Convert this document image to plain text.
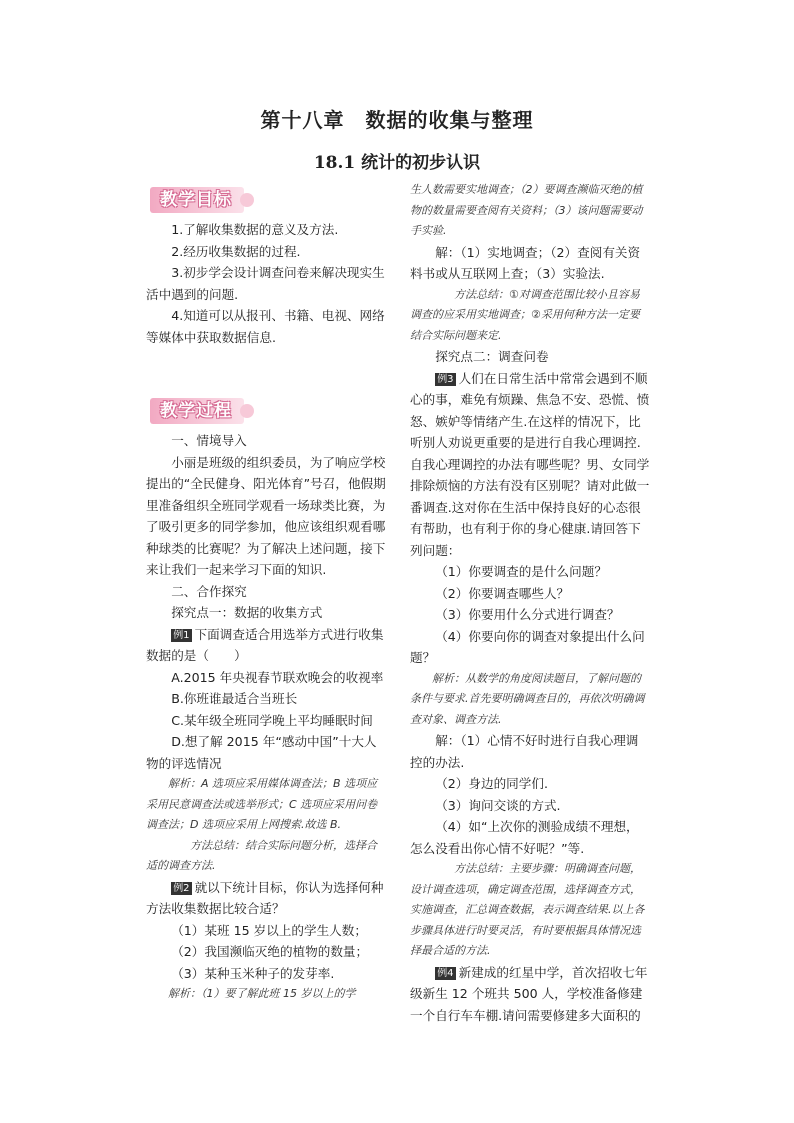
第十八章　数据的收集与整理
18.1 统计的初步认识
教学目标

1.了解收集数据的意义及方法.

2.经历收集数据的过程.

3.初步学会设计调查问卷来解决现实生活中遇到的问题.

4.知道可以从报刊、书籍、电视、网络等媒体中获取数据信息.

教学过程

一、情境导入

小丽是班级的组织委员，为了响应学校提出的“全民健身、阳光体育”号召，他假期里准备组织全班同学观看一场球类比赛，为了吸引更多的同学参加，他应该组织观看哪种球类的比赛呢？为了解决上述问题，接下来让我们一起来学习下面的知识.

二、合作探究

探究点一：数据的收集方式

例1 下面调查适合用选举方式进行收集数据的是（　　）

A.2015 年央视春节联欢晚会的收视率

B.你班谁最适合当班长

C.某年级全班同学晚上平均睡眠时间

D.想了解 2015 年“感动中国”十大人物的评选情况

解析：A 选项应采用媒体调查法；B 选项应采用民意调查法或选举形式；C 选项应采用问卷调查法；D 选项应采用上网搜索.故选 B.

方法总结：结合实际问题分析，选择合适的调查方法.

例2 就以下统计目标，你认为选择何种方法收集数据比较合适？

（1）某班 15 岁以上的学生人数；

（2）我国濒临灭绝的植物的数量；

（3）某种玉米种子的发芽率.

解析：（1）要了解此班 15 岁以上的学

生人数需要实地调查；（2）要调查濒临灭绝的植物的数量需要查阅有关资料；（3）该问题需要动手实验.

解：（1）实地调查；（2）查阅有关资料书或从互联网上查；（3）实验法.

方法总结：①对调查范围比较小且容易调查的应采用实地调查；②采用何种方法一定要结合实际问题来定.

探究点二：调查问卷

例3 人们在日常生活中常常会遇到不顺心的事，难免有烦躁、焦急不安、恐慌、愤怒、嫉妒等情绪产生.在这样的情况下，比听别人劝说更重要的是进行自我心理调控.自我心理调控的办法有哪些呢？男、女同学排除烦恼的方法有没有区别呢？请对此做一番调查.这对你在生活中保持良好的心态很有帮助，也有利于你的身心健康.请回答下列问题：

（1）你要调查的是什么问题？

（2）你要调查哪些人？

（3）你要用什么分式进行调查？

（4）你要向你的调查对象提出什么问题？

解析：从数学的角度阅读题目，了解问题的条件与要求.首先要明确调查目的，再依次明确调查对象、调查方法.

解：（1）心情不好时进行自我心理调控的办法.

（2）身边的同学们.

（3）询问交谈的方式.

（4）如“上次你的测验成绩不理想，怎么没看出你心情不好呢？”等.

方法总结：主要步骤：明确调查问题，设计调查选项，确定调查范围，选择调查方式，实施调查，汇总调查数据，表示调查结果.以上各步骤具体进行时要灵活，有时要根据具体情况选择最合适的方法.

例4 新建成的红星中学，首次招收七年级新生 12 个班共 500 人，学校准备修建一个自行车车棚.请问需要修建多大面积的
